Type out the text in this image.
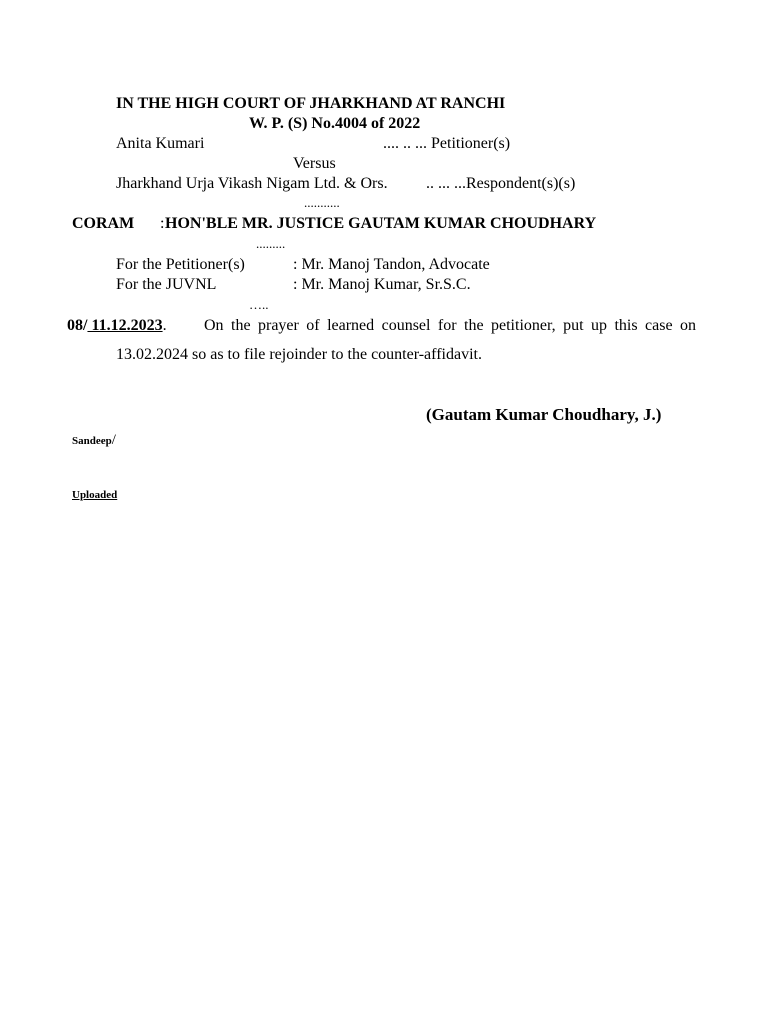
IN THE HIGH COURT OF JHARKHAND AT RANCHI
W. P. (S) No.4004 of 2022
Anita Kumari	.... .. ... Petitioner(s)
Versus
Jharkhand Urja Vikash Nigam Ltd. & Ors. .. ... ...Respondent(s)(s)
...........
CORAM : HON'BLE MR. JUSTICE GAUTAM KUMAR CHOUDHARY
.........
For the Petitioner(s)	: Mr. Manoj Tandon, Advocate
For the JUVNL	: Mr. Manoj Kumar, Sr.S.C.
…..
08/ 11.12.2023. On the prayer of learned counsel for the petitioner, put up this case on
13.02.2024 so as to file rejoinder to the counter-affidavit.
(Gautam Kumar Choudhary, J.)
Sandeep/
Uploaded
